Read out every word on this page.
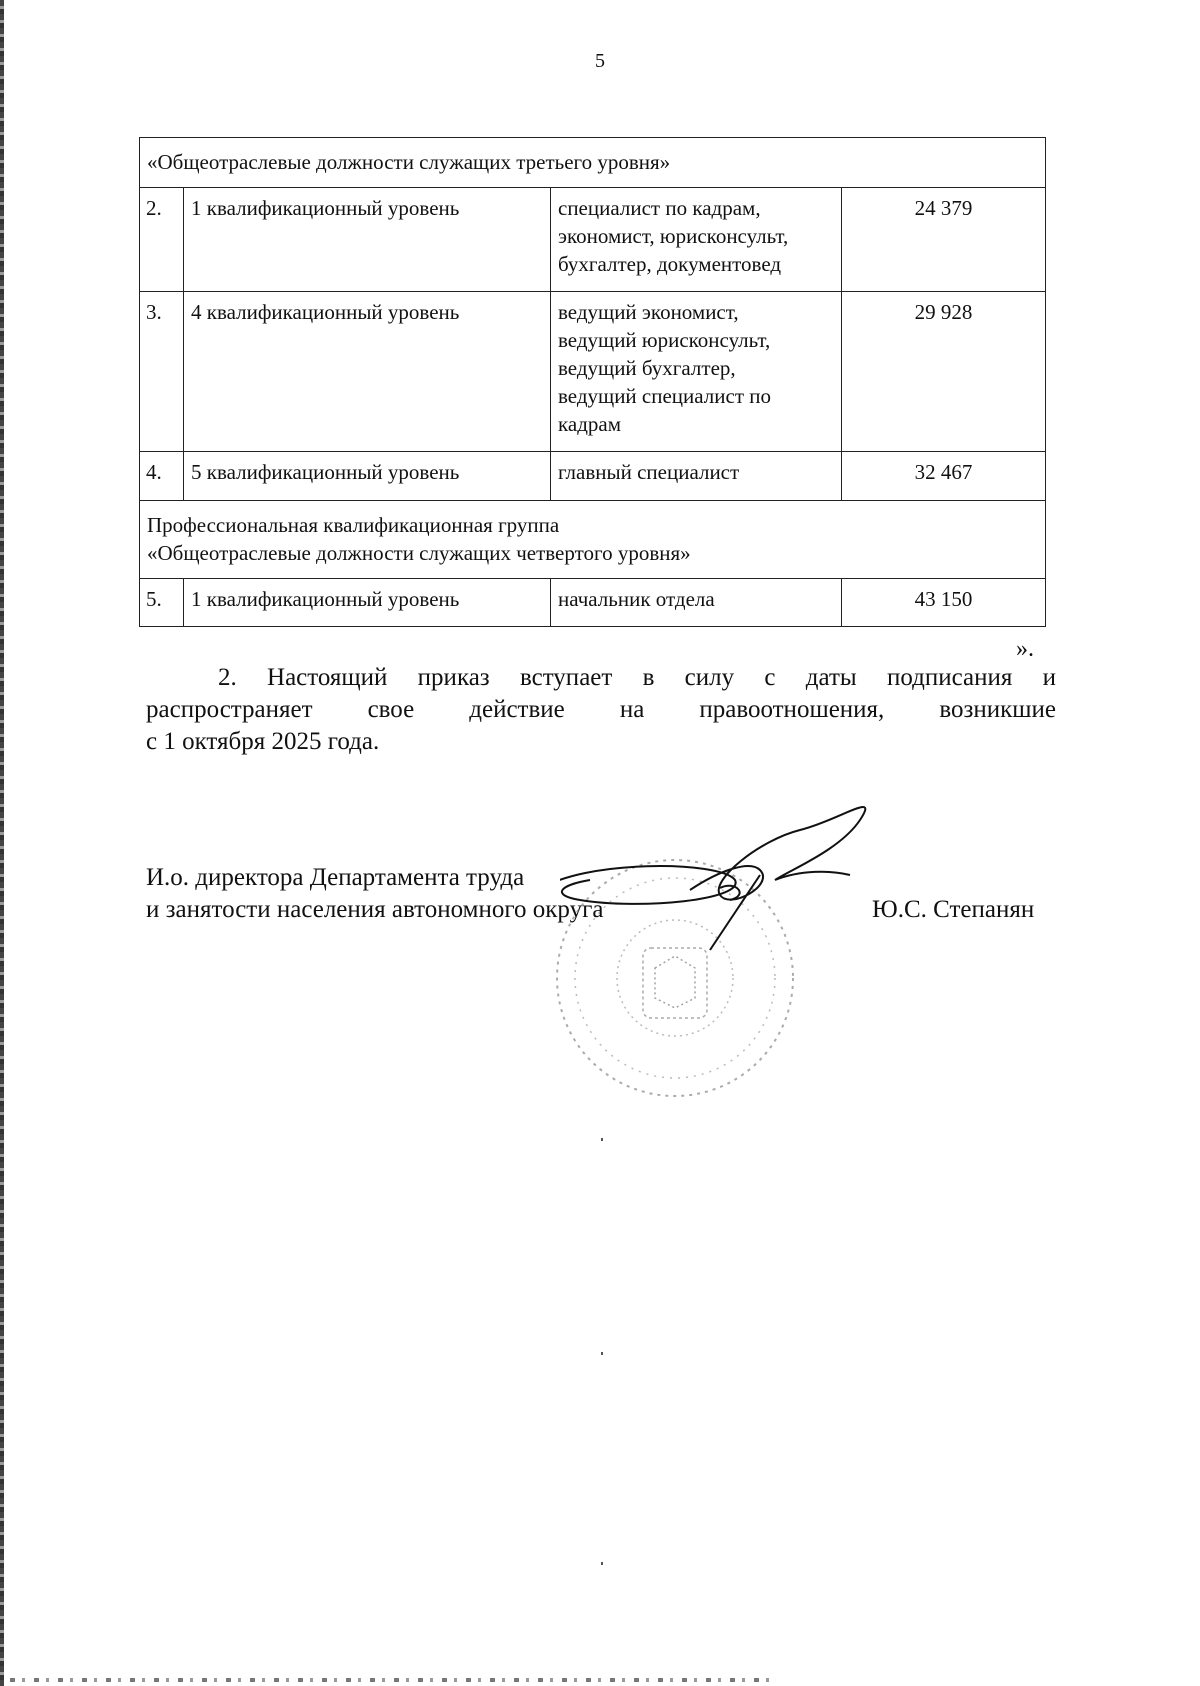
5
«Общеотраслевые должности служащих третьего уровня»			

2.	1 квалификационный уровень	специалист по кадрам,
экономист, юрисконсульт,
бухгалтер, документовед	24 379
3.	4 квалификационный уровень	ведущий экономист,
ведущий юрисконсульт,
ведущий бухгалтер,
ведущий специалист по
кадрам	29 928
4.	5 квалификационный уровень	главный специалист	32 467

Профессиональная квалификационная группа
«Общеотраслевые должности служащих четвертого уровня»			

5.	1 квалификационный уровень	начальник отдела	43 150
».
2. Настоящий приказ вступает в силу с даты подписания и
распространяет свое действие на правоотношения, возникшие
с 1 октября 2025 года.
И.о. директора Департамента труда
и занятости населения автономного округа	Ю.С. Степанян
